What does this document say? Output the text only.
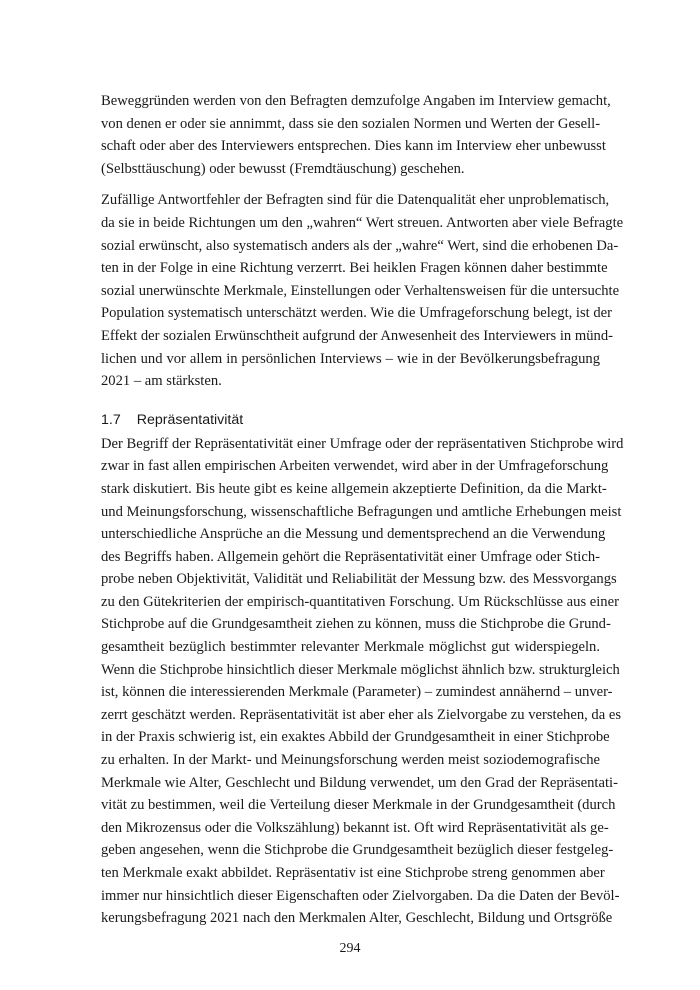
Beweggründen werden von den Befragten demzufolge Angaben im Interview gemacht,
von denen er oder sie annimmt, dass sie den sozialen Normen und Werten der Gesell-
schaft oder aber des Interviewers entsprechen. Dies kann im Interview eher unbewusst
(Selbsttäuschung) oder bewusst (Fremdtäuschung) geschehen.
Zufällige Antwortfehler der Befragten sind für die Datenqualität eher unproblematisch,
da sie in beide Richtungen um den „wahren“ Wert streuen. Antworten aber viele Befragte
sozial erwünscht, also systematisch anders als der „wahre“ Wert, sind die erhobenen Da-
ten in der Folge in eine Richtung verzerrt. Bei heiklen Fragen können daher bestimmte
sozial unerwünschte Merkmale, Einstellungen oder Verhaltensweisen für die untersuchte
Population systematisch unterschätzt werden. Wie die Umfrageforschung belegt, ist der
Effekt der sozialen Erwünschtheit aufgrund der Anwesenheit des Interviewers in münd-
lichen und vor allem in persönlichen Interviews – wie in der Bevölkerungsbefragung
2021 – am stärksten.
1.7 Repräsentativität
Der Begriff der Repräsentativität einer Umfrage oder der repräsentativen Stichprobe wird
zwar in fast allen empirischen Arbeiten verwendet, wird aber in der Umfrageforschung
stark diskutiert. Bis heute gibt es keine allgemein akzeptierte Definition, da die Markt-
und Meinungsforschung, wissenschaftliche Befragungen und amtliche Erhebungen meist
unterschiedliche Ansprüche an die Messung und dementsprechend an die Verwendung
des Begriffs haben. Allgemein gehört die Repräsentativität einer Umfrage oder Stich-
probe neben Objektivität, Validität und Reliabilität der Messung bzw. des Messvorgangs
zu den Gütekriterien der empirisch-quantitativen Forschung. Um Rückschlüsse aus einer
Stichprobe auf die Grundgesamtheit ziehen zu können, muss die Stichprobe die Grund-
gesamtheit bezüglich bestimmter relevanter Merkmale möglichst gut widerspiegeln.
Wenn die Stichprobe hinsichtlich dieser Merkmale möglichst ähnlich bzw. strukturgleich
ist, können die interessierenden Merkmale (Parameter) – zumindest annähernd – unver-
zerrt geschätzt werden. Repräsentativität ist aber eher als Zielvorgabe zu verstehen, da es
in der Praxis schwierig ist, ein exaktes Abbild der Grundgesamtheit in einer Stichprobe
zu erhalten. In der Markt- und Meinungsforschung werden meist soziodemografische
Merkmale wie Alter, Geschlecht und Bildung verwendet, um den Grad der Repräsentati-
vität zu bestimmen, weil die Verteilung dieser Merkmale in der Grundgesamtheit (durch
den Mikrozensus oder die Volkszählung) bekannt ist. Oft wird Repräsentativität als ge-
geben angesehen, wenn die Stichprobe die Grundgesamtheit bezüglich dieser festgeleg-
ten Merkmale exakt abbildet. Repräsentativ ist eine Stichprobe streng genommen aber
immer nur hinsichtlich dieser Eigenschaften oder Zielvorgaben. Da die Daten der Bevöl-
kerungsbefragung 2021 nach den Merkmalen Alter, Geschlecht, Bildung und Ortsgröße
294
